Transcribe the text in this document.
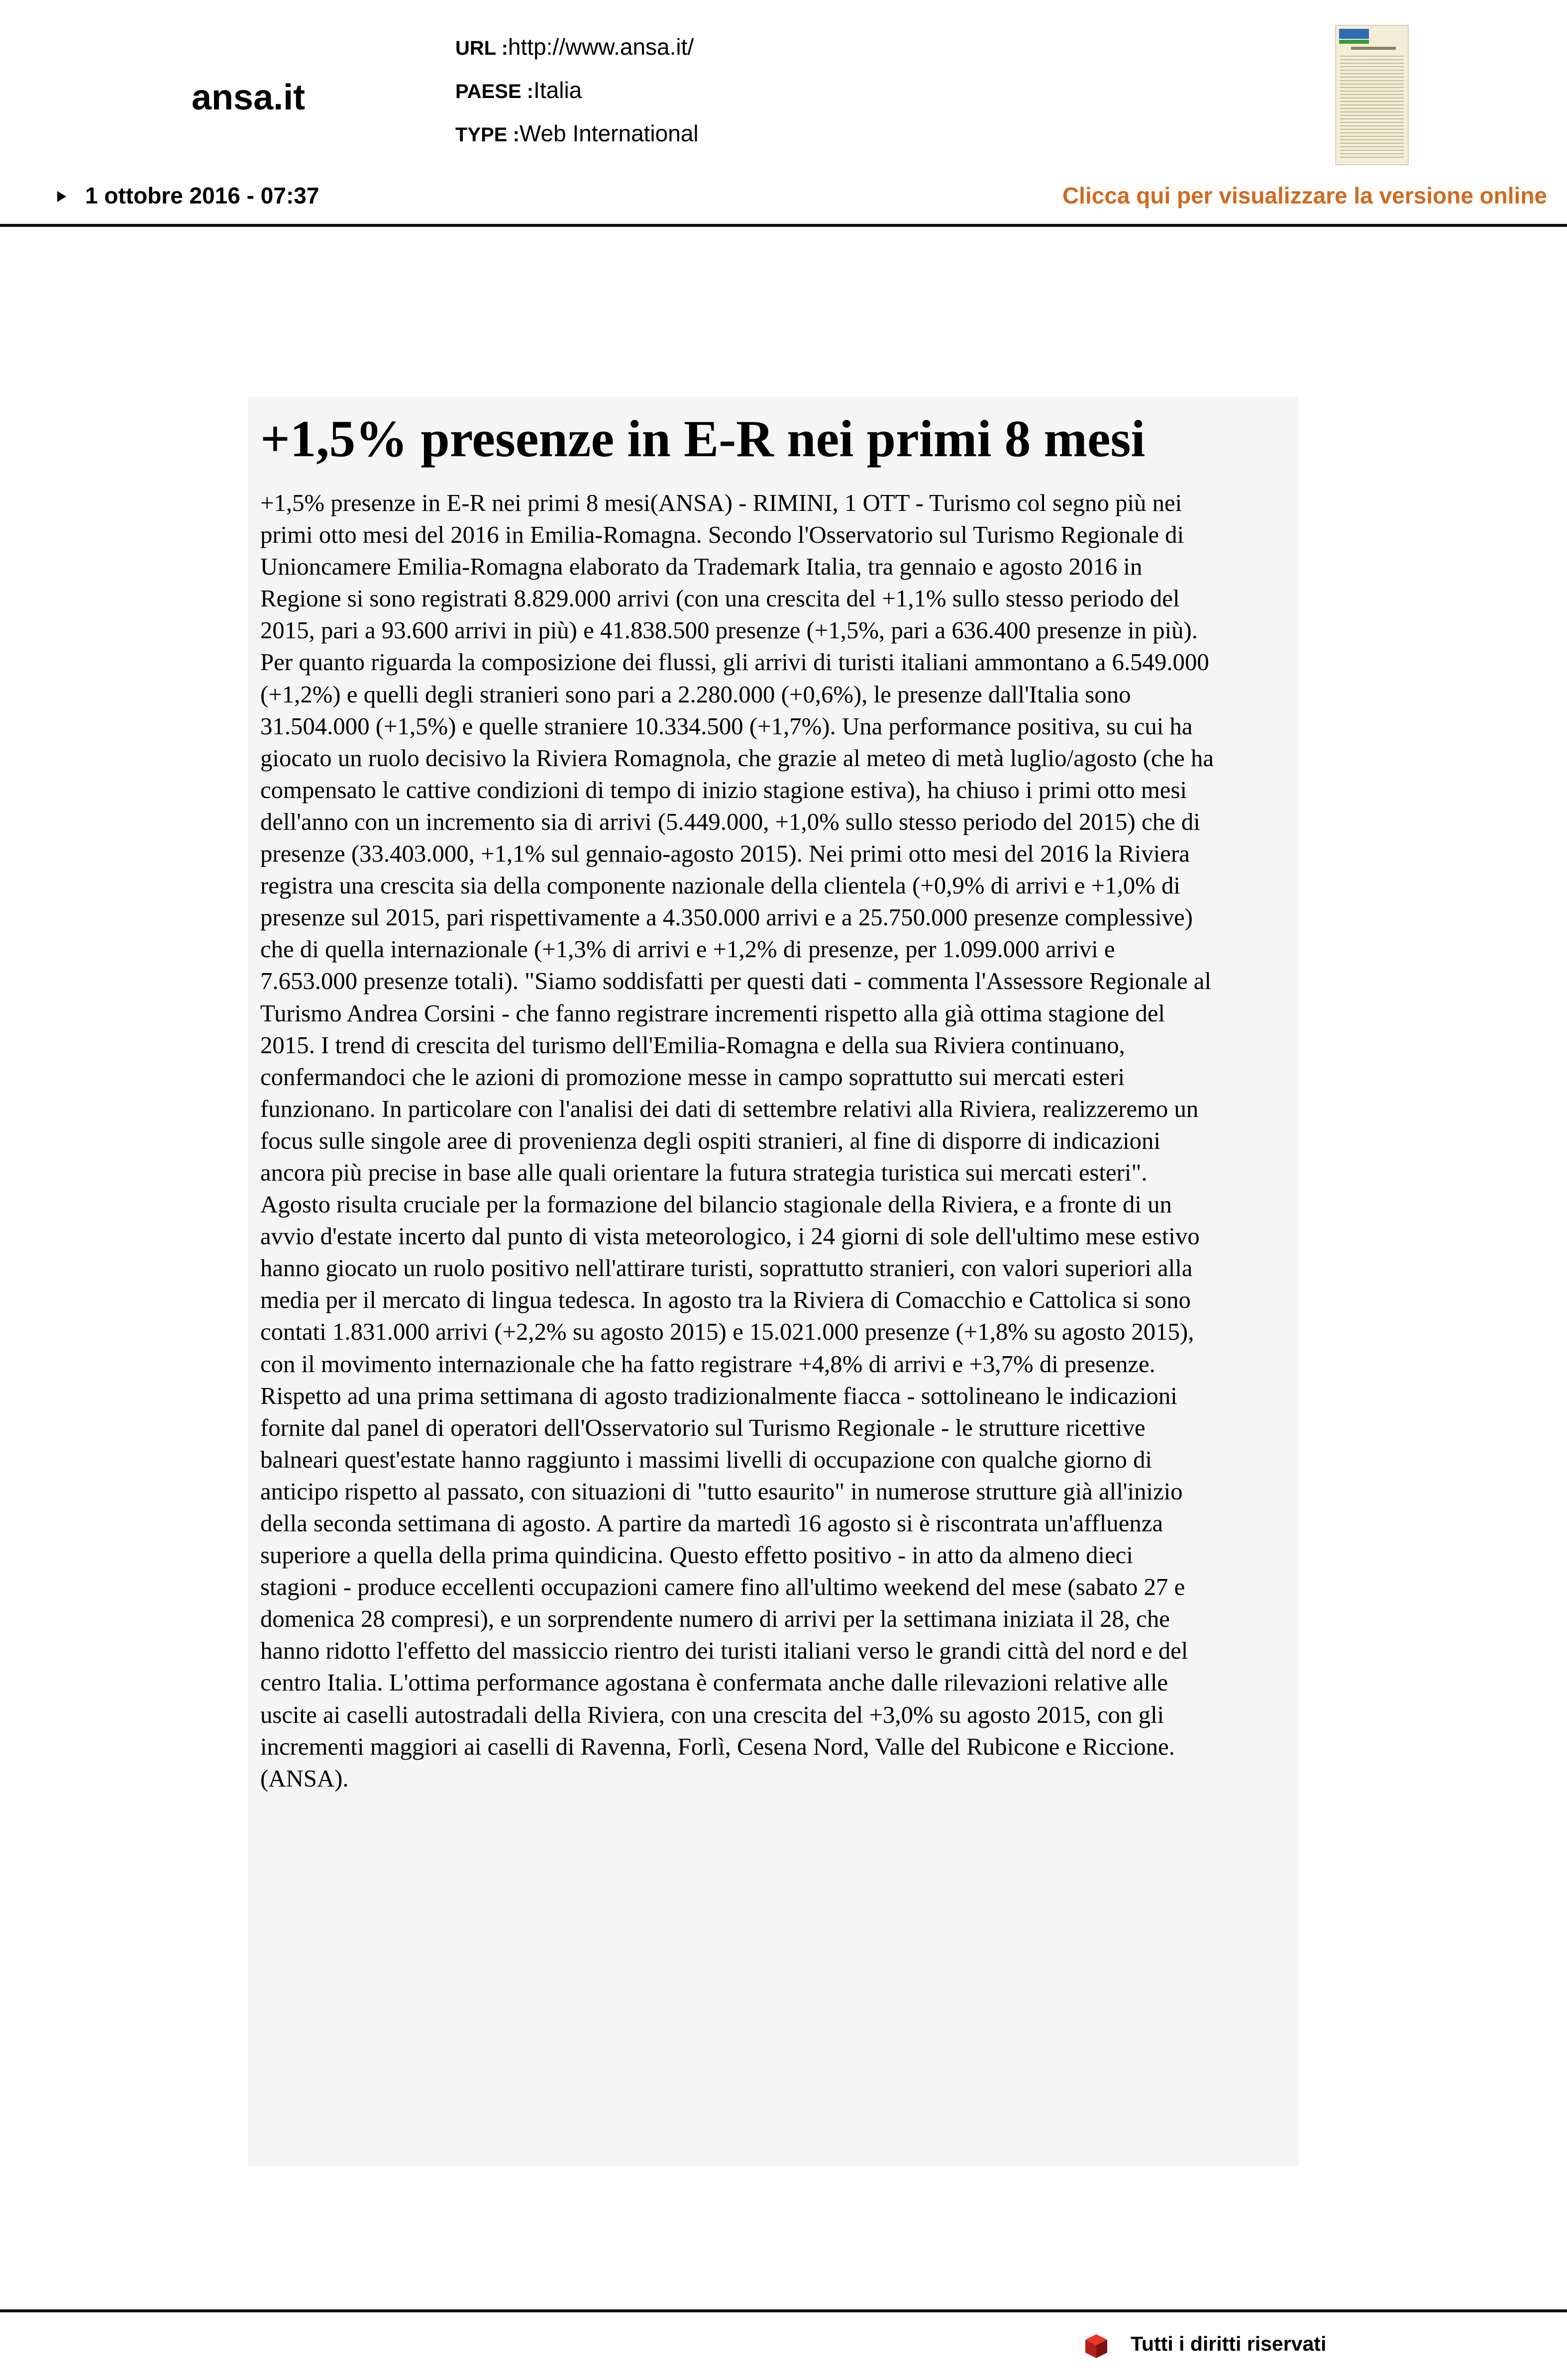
ansa.it
URL :http://www.ansa.it/
PAESE :Italia
TYPE :Web International
1 ottobre 2016 - 07:37	Clicca qui per visualizzare la versione online
+1,5% presenze in E-R nei primi 8 mesi
+1,5% presenze in E-R nei primi 8 mesi(ANSA) - RIMINI, 1 OTT - Turismo col segno più nei
primi otto mesi del 2016 in Emilia-Romagna. Secondo l'Osservatorio sul Turismo Regionale di
Unioncamere Emilia-Romagna elaborato da Trademark Italia, tra gennaio e agosto 2016 in
Regione si sono registrati 8.829.000 arrivi (con una crescita del +1,1% sullo stesso periodo del
2015, pari a 93.600 arrivi in più) e 41.838.500 presenze (+1,5%, pari a 636.400 presenze in più).
Per quanto riguarda la composizione dei flussi, gli arrivi di turisti italiani ammontano a 6.549.000
(+1,2%) e quelli degli stranieri sono pari a 2.280.000 (+0,6%), le presenze dall'Italia sono
31.504.000 (+1,5%) e quelle straniere 10.334.500 (+1,7%). Una performance positiva, su cui ha
giocato un ruolo decisivo la Riviera Romagnola, che grazie al meteo di metà luglio/agosto (che ha
compensato le cattive condizioni di tempo di inizio stagione estiva), ha chiuso i primi otto mesi
dell'anno con un incremento sia di arrivi (5.449.000, +1,0% sullo stesso periodo del 2015) che di
presenze (33.403.000, +1,1% sul gennaio-agosto 2015). Nei primi otto mesi del 2016 la Riviera
registra una crescita sia della componente nazionale della clientela (+0,9% di arrivi e +1,0% di
presenze sul 2015, pari rispettivamente a 4.350.000 arrivi e a 25.750.000 presenze complessive)
che di quella internazionale (+1,3% di arrivi e +1,2% di presenze, per 1.099.000 arrivi e
7.653.000 presenze totali). "Siamo soddisfatti per questi dati - commenta l'Assessore Regionale al
Turismo Andrea Corsini - che fanno registrare incrementi rispetto alla già ottima stagione del
2015. I trend di crescita del turismo dell'Emilia-Romagna e della sua Riviera continuano,
confermandoci che le azioni di promozione messe in campo soprattutto sui mercati esteri
funzionano. In particolare con l'analisi dei dati di settembre relativi alla Riviera, realizzeremo un
focus sulle singole aree di provenienza degli ospiti stranieri, al fine di disporre di indicazioni
ancora più precise in base alle quali orientare la futura strategia turistica sui mercati esteri".
Agosto risulta cruciale per la formazione del bilancio stagionale della Riviera, e a fronte di un
avvio d'estate incerto dal punto di vista meteorologico, i 24 giorni di sole dell'ultimo mese estivo
hanno giocato un ruolo positivo nell'attirare turisti, soprattutto stranieri, con valori superiori alla
media per il mercato di lingua tedesca. In agosto tra la Riviera di Comacchio e Cattolica si sono
contati 1.831.000 arrivi (+2,2% su agosto 2015) e 15.021.000 presenze (+1,8% su agosto 2015),
con il movimento internazionale che ha fatto registrare +4,8% di arrivi e +3,7% di presenze.
Rispetto ad una prima settimana di agosto tradizionalmente fiacca - sottolineano le indicazioni
fornite dal panel di operatori dell'Osservatorio sul Turismo Regionale - le strutture ricettive
balneari quest'estate hanno raggiunto i massimi livelli di occupazione con qualche giorno di
anticipo rispetto al passato, con situazioni di "tutto esaurito" in numerose strutture già all'inizio
della seconda settimana di agosto. A partire da martedì 16 agosto si è riscontrata un'affluenza
superiore a quella della prima quindicina. Questo effetto positivo - in atto da almeno dieci
stagioni - produce eccellenti occupazioni camere fino all'ultimo weekend del mese (sabato 27 e
domenica 28 compresi), e un sorprendente numero di arrivi per la settimana iniziata il 28, che
hanno ridotto l'effetto del massiccio rientro dei turisti italiani verso le grandi città del nord e del
centro Italia. L'ottima performance agostana è confermata anche dalle rilevazioni relative alle
uscite ai caselli autostradali della Riviera, con una crescita del +3,0% su agosto 2015, con gli
incrementi maggiori ai caselli di Ravenna, Forlì, Cesena Nord, Valle del Rubicone e Riccione.
(ANSA).
Tutti i diritti riservati
